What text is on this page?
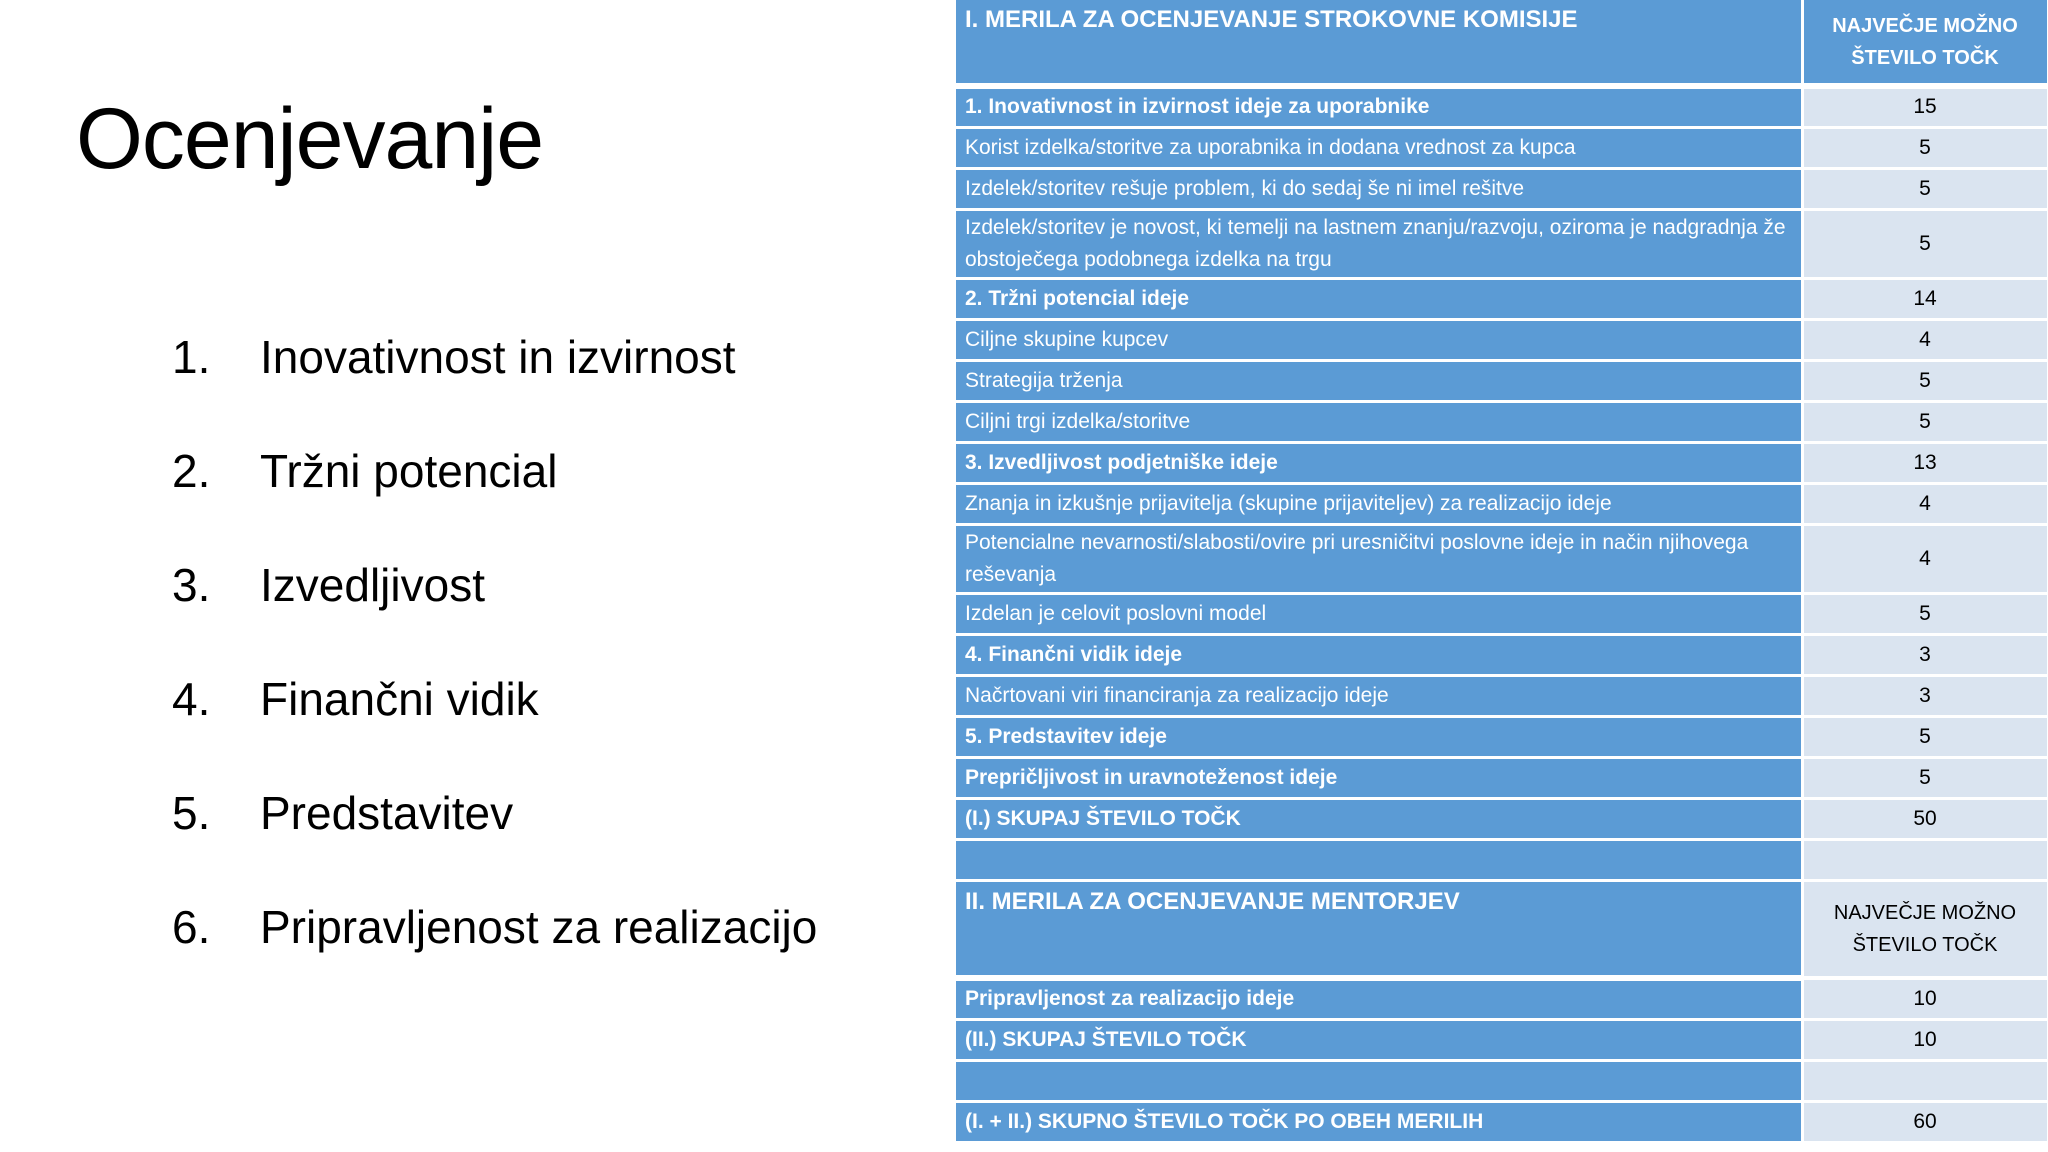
Ocenjevanje
1.	Inovativnost in izvirnost
2.	Tržni potencial
3.	Izvedljivost
4.	Finančni vidik
5.	Predstavitev
6.	Pripravljenost za realizacijo
I. MERILA ZA OCENJEVANJE STROKOVNE KOMISIJE	NAJVEČJE MOŽNO ŠTEVILO TOČK
1. Inovativnost in izvirnost ideje za uporabnike	15
Korist izdelka/storitve za uporabnika in dodana vrednost za kupca	5
Izdelek/storitev rešuje problem, ki do sedaj še ni imel rešitve	5
Izdelek/storitev je novost, ki temelji na lastnem znanju/razvoju, oziroma je nadgradnja že obstoječega podobnega izdelka na trgu	5
2. Tržni potencial ideje	14
Ciljne skupine kupcev	4
Strategija trženja	5
Ciljni trgi izdelka/storitve	5
3. Izvedljivost podjetniške ideje	13
Znanja in izkušnje prijavitelja (skupine prijaviteljev) za realizacijo ideje	4
Potencialne nevarnosti/slabosti/ovire pri uresničitvi poslovne ideje in način njihovega reševanja	4
Izdelan je celovit poslovni model	5
4. Finančni vidik ideje	3
Načrtovani viri financiranja za realizacijo ideje	3
5. Predstavitev ideje	5
Prepričljivost in uravnoteženost ideje	5
(I.) SKUPAJ ŠTEVILO TOČK	50

II. MERILA ZA OCENJEVANJE MENTORJEV	NAJVEČJE MOŽNO ŠTEVILO TOČK
Pripravljenost za realizacijo ideje	10
(II.) SKUPAJ ŠTEVILO TOČK	10

(I. + II.) SKUPNO ŠTEVILO TOČK PO OBEH MERILIH	60
